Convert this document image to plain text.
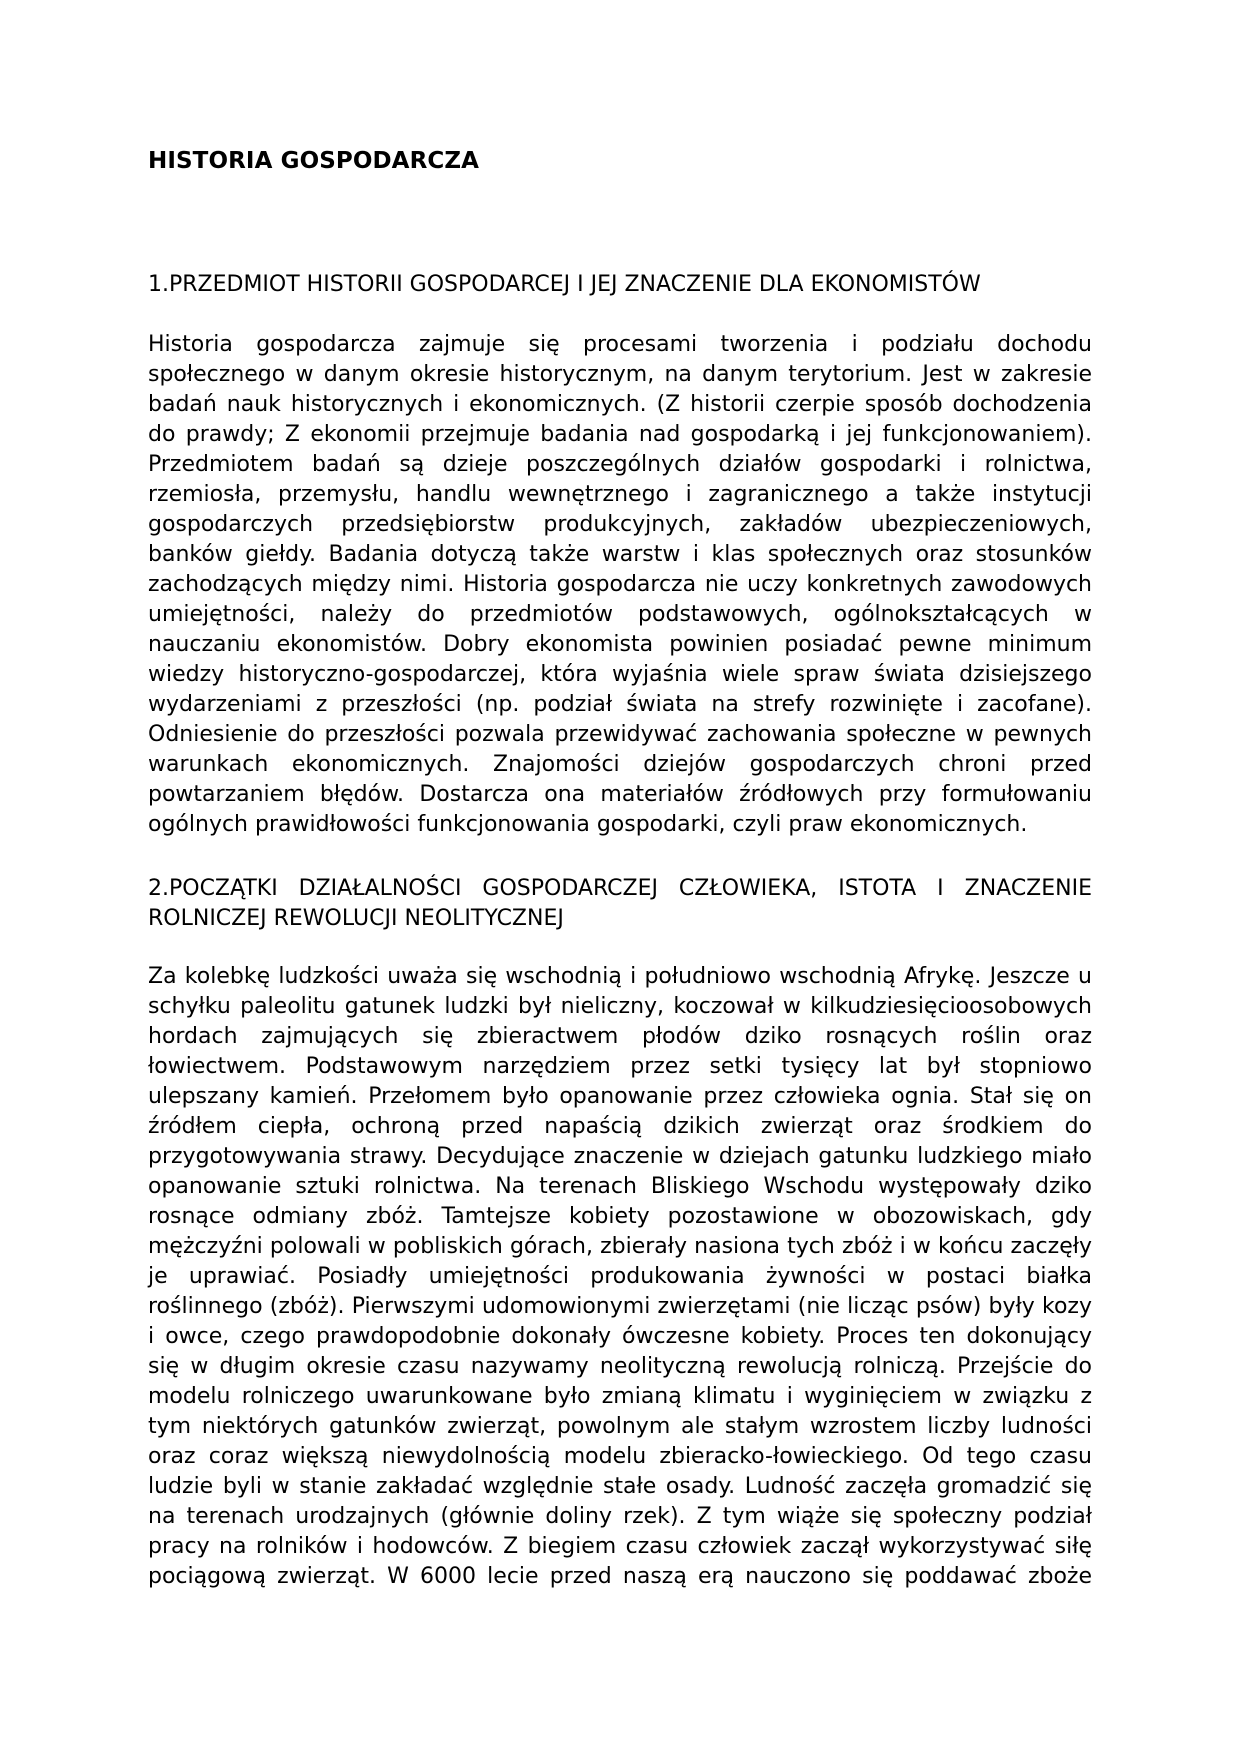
HISTORIA GOSPODARCZA
1.PRZEDMIOT HISTORII GOSPODARCEJ I JEJ ZNACZENIE DLA EKONOMISTÓW

Historia gospodarcza zajmuje się procesami tworzenia i podziału dochodu
społecznego w danym okresie historycznym, na danym terytorium. Jest w zakresie
badań nauk historycznych i ekonomicznych. (Z historii czerpie sposób dochodzenia
do prawdy; Z ekonomii przejmuje badania nad gospodarką i jej funkcjonowaniem).
Przedmiotem badań są dzieje poszczególnych działów gospodarki i rolnictwa,
rzemiosła, przemysłu, handlu wewnętrznego i zagranicznego a także instytucji
gospodarczych przedsiębiorstw produkcyjnych, zakładów ubezpieczeniowych,
banków giełdy. Badania dotyczą także warstw i klas społecznych oraz stosunków
zachodzących między nimi. Historia gospodarcza nie uczy konkretnych zawodowych
umiejętności, należy do przedmiotów podstawowych, ogólnokształcących w
nauczaniu ekonomistów. Dobry ekonomista powinien posiadać pewne minimum
wiedzy historyczno-gospodarczej, która wyjaśnia wiele spraw świata dzisiejszego
wydarzeniami z przeszłości (np. podział świata na strefy rozwinięte i zacofane).
Odniesienie do przeszłości pozwala przewidywać zachowania społeczne w pewnych
warunkach ekonomicznych. Znajomości dziejów gospodarczych chroni przed
powtarzaniem błędów. Dostarcza ona materiałów źródłowych przy formułowaniu
ogólnych prawidłowości funkcjonowania gospodarki, czyli praw ekonomicznych.

2.POCZĄTKI DZIAŁALNOŚCI GOSPODARCZEJ CZŁOWIEKA, ISTOTA I ZNACZENIE
ROLNICZEJ REWOLUCJI NEOLITYCZNEJ

Za kolebkę ludzkości uważa się wschodnią i południowo wschodnią Afrykę. Jeszcze u
schyłku paleolitu gatunek ludzki był nieliczny, koczował w kilkudziesięcioosobowych
hordach zajmujących się zbieractwem płodów dziko rosnących roślin oraz
łowiectwem. Podstawowym narzędziem przez setki tysięcy lat był stopniowo
ulepszany kamień. Przełomem było opanowanie przez człowieka ognia. Stał się on
źródłem ciepła, ochroną przed napaścią dzikich zwierząt oraz środkiem do
przygotowywania strawy. Decydujące znaczenie w dziejach gatunku ludzkiego miało
opanowanie sztuki rolnictwa. Na terenach Bliskiego Wschodu występowały dziko
rosnące odmiany zbóż. Tamtejsze kobiety pozostawione w obozowiskach, gdy
mężczyźni polowali w pobliskich górach, zbierały nasiona tych zbóż i w końcu zaczęły
je uprawiać. Posiadły umiejętności produkowania żywności w postaci białka
roślinnego (zbóż). Pierwszymi udomowionymi zwierzętami (nie licząc psów) były kozy
i owce, czego prawdopodobnie dokonały ówczesne kobiety. Proces ten dokonujący
się w długim okresie czasu nazywamy neolityczną rewolucją rolniczą. Przejście do
modelu rolniczego uwarunkowane było zmianą klimatu i wyginięciem w związku z
tym niektórych gatunków zwierząt, powolnym ale stałym wzrostem liczby ludności
oraz coraz większą niewydolnością modelu zbieracko-łowieckiego. Od tego czasu
ludzie byli w stanie zakładać względnie stałe osady. Ludność zaczęła gromadzić się
na terenach urodzajnych (głównie doliny rzek). Z tym wiąże się społeczny podział
pracy na rolników i hodowców. Z biegiem czasu człowiek zaczął wykorzystywać siłę
pociągową zwierząt. W 6000 lecie przed naszą erą nauczono się poddawać zboże
